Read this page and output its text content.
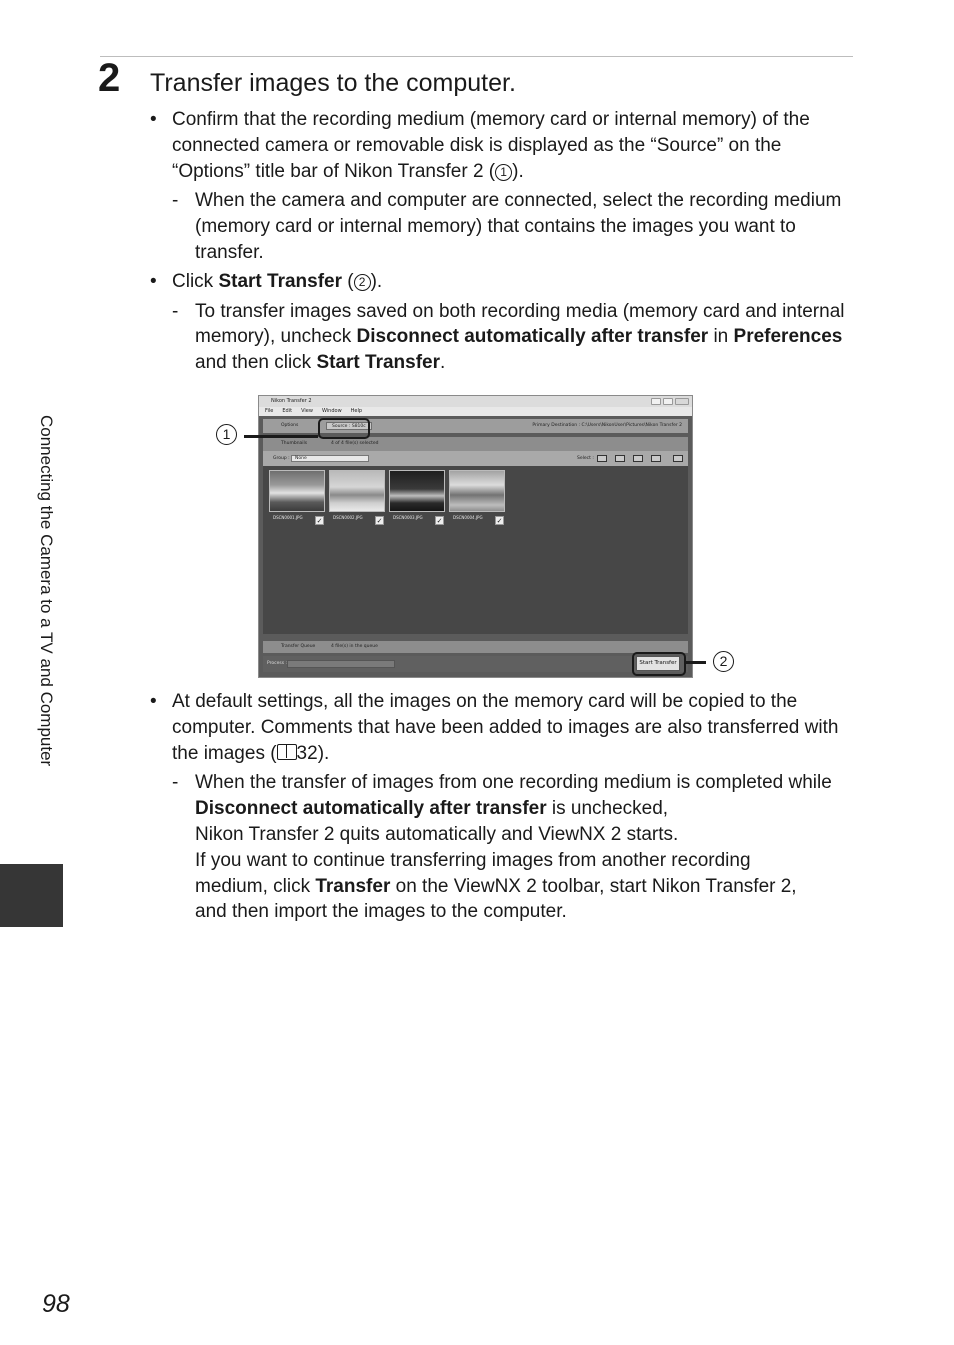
2 Transfer images to the computer.
• Confirm that the recording medium (memory card or internal memory) of the connected camera or removable disk is displayed as the “Source” on the “Options” title bar of Nikon Transfer 2 ( 1 ).
- When the camera and computer are connected, select the recording medium (memory card or internal memory) that contains the images you want to transfer.
• Click Start Transfer ( 2 ).
- To transfer images saved on both recording media (memory card and internal memory), uncheck Disconnect automatically after transfer in Preferences and then click Start Transfer.
Nikon Transfer 2
File Edit View Window Help
Options	Source : S810c	Primary Destination : C:\Users\NikonUser\Pictures\Nikon Transfer 2
Thumbnails	4 of 4 file(s) selected
Group :	None	Select :
DSCN0001.JPG	✓	DSCN0002.JPG	✓	DSCN0003.JPG	✓	DSCN0004.JPG	✓
Transfer Queue	4 file(s) in the queue
Process :	Start Transfer
1
2
• At default settings, all the images on the memory card will be copied to the computer. Comments that have been added to images are also transferred with the images ( 32).
- When the transfer of images from one recording medium is completed while Disconnect automatically after transfer is unchecked,
Nikon Transfer 2 quits automatically and ViewNX 2 starts.
If you want to continue transferring images from another recording
medium, click Transfer on the ViewNX 2 toolbar, start Nikon Transfer 2,
and then import the images to the computer.
Connecting the Camera to a TV and Computer
98
